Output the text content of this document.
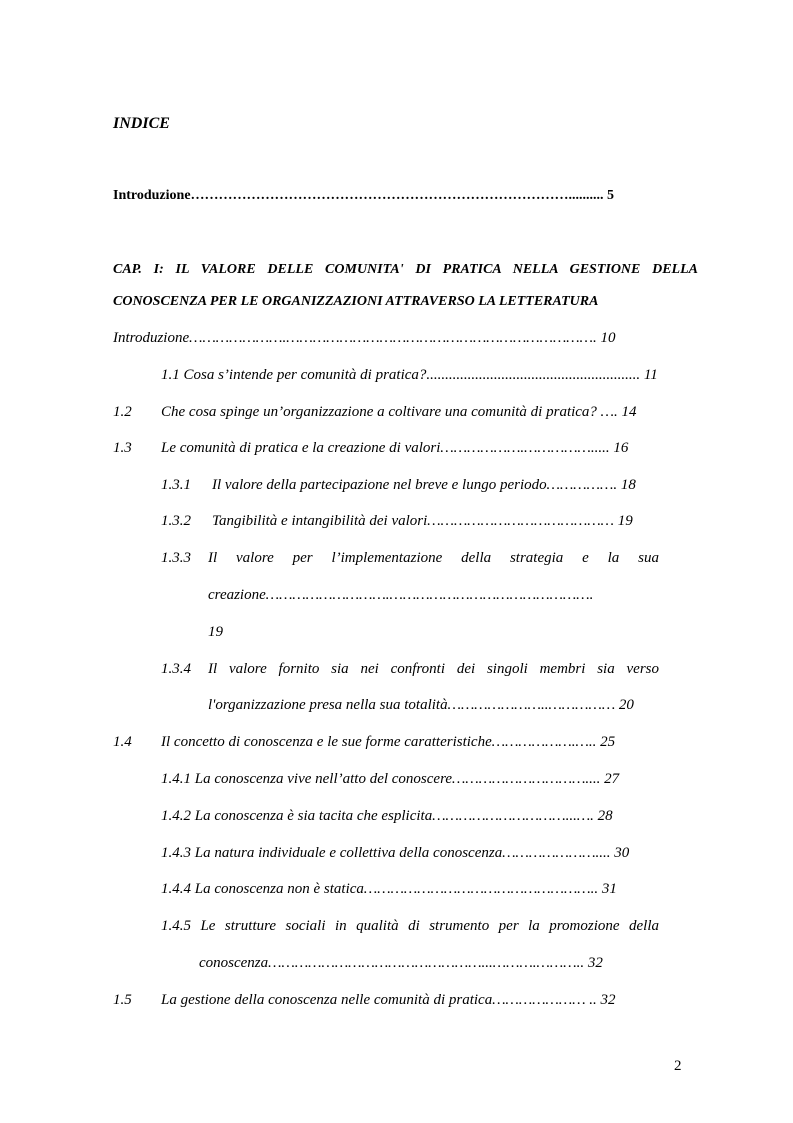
INDICE
Introduzione……………………………………………………………………….......... 5
CAP. I: IL VALORE DELLE COMUNITA' DI PRATICA NELLA GESTIONE DELLA
CONOSCENZA PER LE ORGANIZZAZIONI ATTRAVERSO LA LETTERATURA
Introduzione………………….……………………………………………………………. 10
1.1 Cosa s’intende per comunità di pratica?......................................................... 11
1.2 Che cosa spinge un’organizzazione a coltivare una comunità di pratica? …. 14
1.3 Le comunità di pratica e la creazione di valori……………….……………..... 16
1.3.1 Il valore della partecipazione nel breve e lungo periodo……………. 18
1.3.2 Tangibilità e intangibilità dei valori…………………………………… 19
1.3.3 Il valore per l’implementazione della strategia e la sua
creazione……………………….……………………………………….
19
1.3.4 Il valore fornito sia nei confronti dei singoli membri sia verso
l'organizzazione presa nella sua totalità…………………..…………… 20
1.4 Il concetto di conoscenza e le sue forme caratteristiche……………….….. 25
1.4.1 La conoscenza vive nell’atto del conoscere………………………….... 27
1.4.2 La conoscenza è sia tacita che esplicita…………………………...…. 28
1.4.3 La natura individuale e collettiva della conoscenza………………….... 30
1.4.4 La conoscenza non è statica…………………………………………….. 31
1.4.5 Le strutture sociali in qualità di strumento per la promozione della
conoscenza…………………………………………...……….……….. 32
1.5 La gestione della conoscenza nelle comunità di pratica………………… .. 32
2
